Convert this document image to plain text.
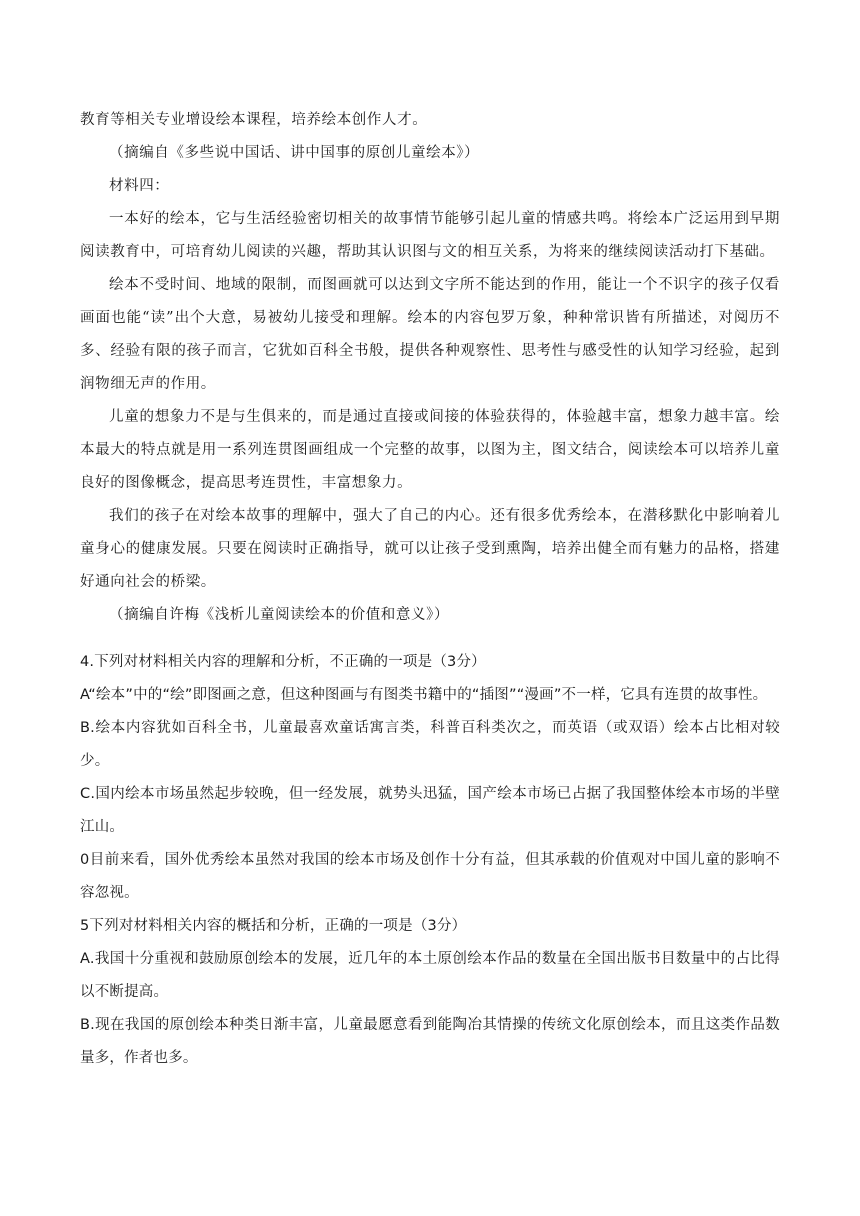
教育等相关专业增设绘本课程，培养绘本创作人才。

（摘编自《多些说中国话、讲中国事的原创儿童绘本》）

材料四：

一本好的绘本，它与生活经验密切相关的故事情节能够引起儿童的情感共鸣。将绘本广泛运用到早期阅读教育中，可培育幼儿阅读的兴趣，帮助其认识图与文的相互关系，为将来的继续阅读活动打下基础。

绘本不受时间、地域的限制，而图画就可以达到文字所不能达到的作用，能让一个不识字的孩子仅看画面也能“读”出个大意，易被幼儿接受和理解。绘本的内容包罗万象，种种常识皆有所描述，对阅历不多、经验有限的孩子而言，它犹如百科全书般，提供各种观察性、思考性与感受性的认知学习经验，起到润物细无声的作用。

儿童的想象力不是与生俱来的，而是通过直接或间接的体验获得的，体验越丰富，想象力越丰富。绘本最大的特点就是用一系列连贯图画组成一个完整的故事，以图为主，图文结合，阅读绘本可以培养儿童良好的图像概念，提高思考连贯性，丰富想象力。

我们的孩子在对绘本故事的理解中，强大了自己的内心。还有很多优秀绘本，在潜移默化中影响着儿童身心的健康发展。只要在阅读时正确指导，就可以让孩子受到熏陶，培养出健全而有魅力的品格，搭建好通向社会的桥梁。

（摘编自许梅《浅析儿童阅读绘本的价值和意义》）

4.下列对材料相关内容的理解和分析，不正确的一项是（3分）

A“绘本”中的“绘”即图画之意，但这种图画与有图类书籍中的“插图”“漫画”不一样，它具有连贯的故事性。

B.绘本内容犹如百科全书，儿童最喜欢童话寓言类，科普百科类次之，而英语（或双语）绘本占比相对较少。

C.国内绘本市场虽然起步较晚，但一经发展，就势头迅猛，国产绘本市场已占据了我国整体绘本市场的半壁江山。

0目前来看，国外优秀绘本虽然对我国的绘本市场及创作十分有益，但其承载的价值观对中国儿童的影响不容忽视。

5下列对材料相关内容的概括和分析，正确的一项是（3分）

A.我国十分重视和鼓励原创绘本的发展，近几年的本土原创绘本作品的数量在全国出版书目数量中的占比得以不断提高。

B.现在我国的原创绘本种类日渐丰富，儿童最愿意看到能陶冶其情操的传统文化原创绘本，而且这类作品数量多，作者也多。
